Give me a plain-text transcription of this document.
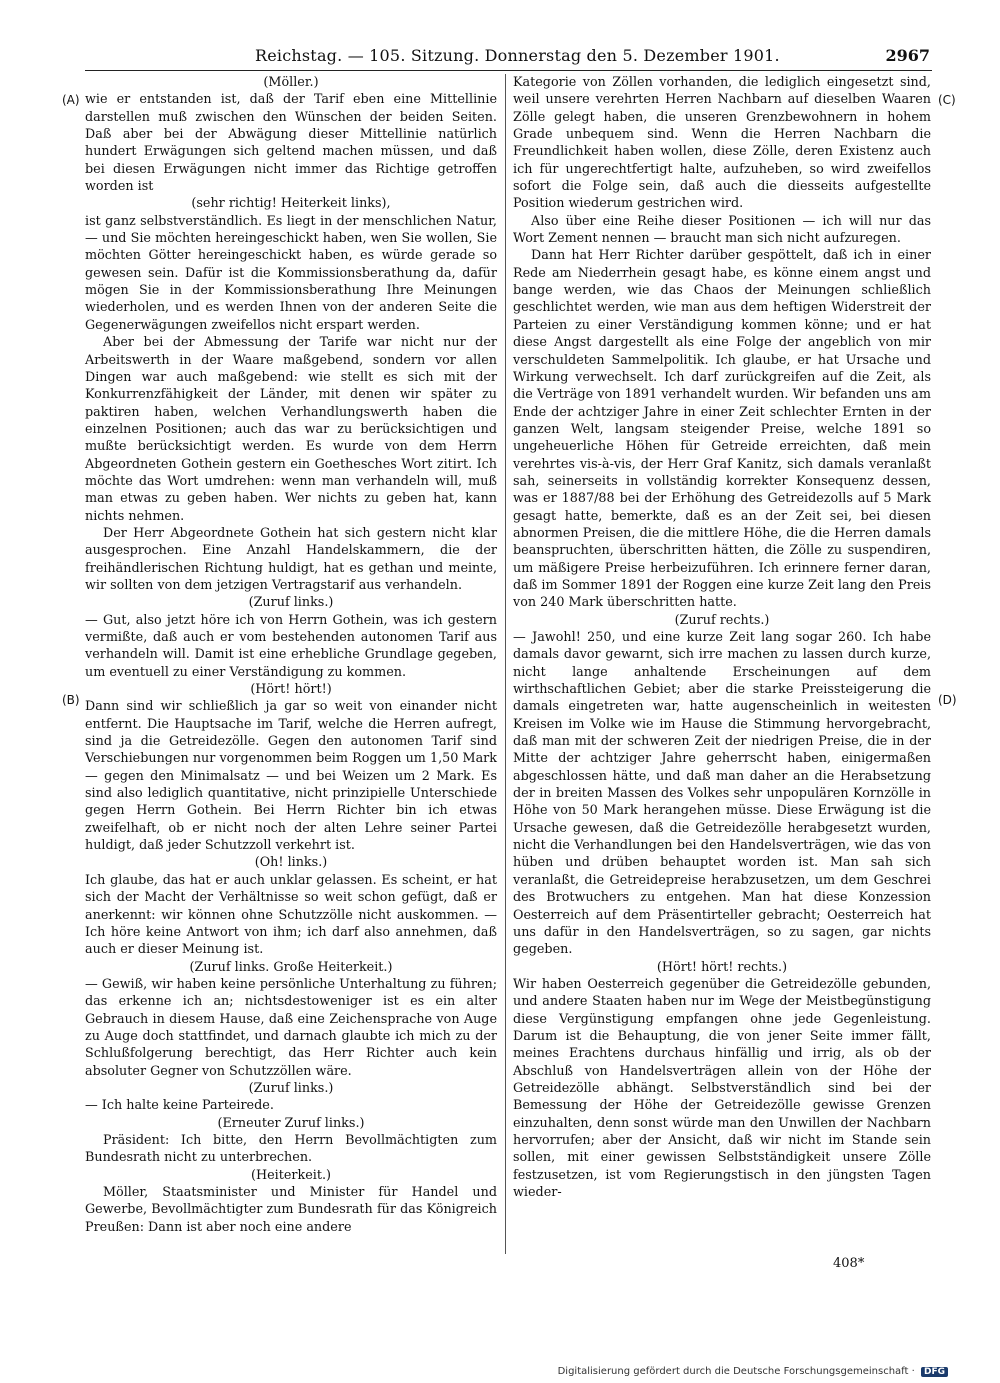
Reichstag. — 105. Sitzung. Donnerstag den 5. Dezember 1901.	2967
(A)
(B)
(C)
(D)

(Möller.)

wie er entstanden ist, daß der Tarif eben eine Mittellinie darstellen muß zwischen den Wünschen der beiden Seiten. Daß aber bei der Abwägung dieser Mittellinie natürlich hundert Erwägungen sich geltend machen müssen, und daß bei diesen Erwägungen nicht immer das Richtige getroffen worden ist

(sehr richtig! Heiterkeit links),

ist ganz selbstverständlich. Es liegt in der menschlichen Natur, — und Sie möchten hereingeschickt haben, wen Sie wollen, Sie möchten Götter hereingeschickt haben, es würde gerade so gewesen sein. Dafür ist die Kommissionsberathung da, dafür mögen Sie in der Kommissionsberathung Ihre Meinungen wiederholen, und es werden Ihnen von der anderen Seite die Gegenerwägungen zweifellos nicht erspart werden.

Aber bei der Abmessung der Tarife war nicht nur der Arbeitswerth in der Waare maßgebend, sondern vor allen Dingen war auch maßgebend: wie stellt es sich mit der Konkurrenzfähigkeit der Länder, mit denen wir später zu paktiren haben, welchen Verhandlungswerth haben die einzelnen Positionen; auch das war zu berücksichtigen und mußte berücksichtigt werden. Es wurde von dem Herrn Abgeordneten Gothein gestern ein Goethesches Wort zitirt. Ich möchte das Wort umdrehen: wenn man verhandeln will, muß man etwas zu geben haben. Wer nichts zu geben hat, kann nichts nehmen.

Der Herr Abgeordnete Gothein hat sich gestern nicht klar ausgesprochen. Eine Anzahl Handelskammern, die der freihändlerischen Richtung huldigt, hat es gethan und meinte, wir sollten von dem jetzigen Vertragstarif aus verhandeln.

(Zuruf links.)

— Gut, also jetzt höre ich von Herrn Gothein, was ich gestern vermißte, daß auch er vom bestehenden autonomen Tarif aus verhandeln will. Damit ist eine erhebliche Grundlage gegeben, um eventuell zu einer Verständigung zu kommen.

(Hört! hört!)

Dann sind wir schließlich ja gar so weit von einander nicht entfernt. Die Hauptsache im Tarif, welche die Herren aufregt, sind ja die Getreidezölle. Gegen den autonomen Tarif sind Verschiebungen nur vorgenommen beim Roggen um 1,50 Mark — gegen den Minimalsatz — und bei Weizen um 2 Mark. Es sind also lediglich quantitative, nicht prinzipielle Unterschiede gegen Herrn Gothein. Bei Herrn Richter bin ich etwas zweifelhaft, ob er nicht noch der alten Lehre seiner Partei huldigt, daß jeder Schutzzoll verkehrt ist.

(Oh! links.)

Ich glaube, das hat er auch unklar gelassen. Es scheint, er hat sich der Macht der Verhältnisse so weit schon gefügt, daß er anerkennt: wir können ohne Schutzzölle nicht auskommen. — Ich höre keine Antwort von ihm; ich darf also annehmen, daß auch er dieser Meinung ist.

(Zuruf links. Große Heiterkeit.)

— Gewiß, wir haben keine persönliche Unterhaltung zu führen; das erkenne ich an; nichtsdestoweniger ist es ein alter Gebrauch in diesem Hause, daß eine Zeichensprache von Auge zu Auge doch stattfindet, und darnach glaubte ich mich zu der Schlußfolgerung berechtigt, das Herr Richter auch kein absoluter Gegner von Schutzzöllen wäre.

(Zuruf links.)

— Ich halte keine Parteirede.

(Erneuter Zuruf links.)

Präsident: Ich bitte, den Herrn Bevollmächtigten zum Bundesrath nicht zu unterbrechen.

(Heiterkeit.)

Möller, Staatsminister und Minister für Handel und Gewerbe, Bevollmächtigter zum Bundesrath für das Königreich Preußen: Dann ist aber noch eine andere

Kategorie von Zöllen vorhanden, die lediglich eingesetzt sind, weil unsere verehrten Herren Nachbarn auf dieselben Waaren Zölle gelegt haben, die unseren Grenzbewohnern in hohem Grade unbequem sind. Wenn die Herren Nachbarn die Freundlichkeit haben wollen, diese Zölle, deren Existenz auch ich für ungerechtfertigt halte, aufzuheben, so wird zweifellos sofort die Folge sein, daß auch die diesseits aufgestellte Position wiederum gestrichen wird.

Also über eine Reihe dieser Positionen — ich will nur das Wort Zement nennen — braucht man sich nicht aufzuregen.

Dann hat Herr Richter darüber gespöttelt, daß ich in einer Rede am Niederrhein gesagt habe, es könne einem angst und bange werden, wie das Chaos der Meinungen schließlich geschlichtet werden, wie man aus dem heftigen Widerstreit der Parteien zu einer Verständigung kommen könne; und er hat diese Angst dargestellt als eine Folge der angeblich von mir verschuldeten Sammelpolitik. Ich glaube, er hat Ursache und Wirkung verwechselt. Ich darf zurückgreifen auf die Zeit, als die Verträge von 1891 verhandelt wurden. Wir befanden uns am Ende der achtziger Jahre in einer Zeit schlechter Ernten in der ganzen Welt, langsam steigender Preise, welche 1891 so ungeheuerliche Höhen für Getreide erreichten, daß mein verehrtes vis-à-vis, der Herr Graf Kanitz, sich damals veranlaßt sah, seinerseits in vollständig korrekter Konsequenz dessen, was er 1887/88 bei der Erhöhung des Getreidezolls auf 5 Mark gesagt hatte, bemerkte, daß es an der Zeit sei, bei diesen abnormen Preisen, die die mittlere Höhe, die die Herren damals beanspruchten, überschritten hätten, die Zölle zu suspendiren, um mäßigere Preise herbeizuführen. Ich erinnere ferner daran, daß im Sommer 1891 der Roggen eine kurze Zeit lang den Preis von 240 Mark überschritten hatte.

(Zuruf rechts.)

— Jawohl! 250, und eine kurze Zeit lang sogar 260. Ich habe damals davor gewarnt, sich irre machen zu lassen durch kurze, nicht lange anhaltende Erscheinungen auf dem wirthschaftlichen Gebiet; aber die starke Preissteigerung die damals eingetreten war, hatte augenscheinlich in weitesten Kreisen im Volke wie im Hause die Stimmung hervorgebracht, daß man mit der schweren Zeit der niedrigen Preise, die in der Mitte der achtziger Jahre geherrscht haben, einigermaßen abgeschlossen hätte, und daß man daher an die Herabsetzung der in breiten Massen des Volkes sehr unpopulären Kornzölle in Höhe von 50 Mark herangehen müsse. Diese Erwägung ist die Ursache gewesen, daß die Getreidezölle herabgesetzt wurden, nicht die Verhandlungen bei den Handelsverträgen, wie das von hüben und drüben behauptet worden ist. Man sah sich veranlaßt, die Getreidepreise herabzusetzen, um dem Geschrei des Brotwuchers zu entgehen. Man hat diese Konzession Oesterreich auf dem Präsentirteller gebracht; Oesterreich hat uns dafür in den Handelsverträgen, so zu sagen, gar nichts gegeben.

(Hört! hört! rechts.)

Wir haben Oesterreich gegenüber die Getreidezölle gebunden, und andere Staaten haben nur im Wege der Meistbegünstigung diese Vergünstigung empfangen ohne jede Gegenleistung. Darum ist die Behauptung, die von jener Seite immer fällt, meines Erachtens durchaus hinfällig und irrig, als ob der Abschluß von Handelsverträgen allein von der Höhe der Getreidezölle abhängt. Selbstverständlich sind bei der Bemessung der Höhe der Getreidezölle gewisse Grenzen einzuhalten, denn sonst würde man den Unwillen der Nachbarn hervorrufen; aber der Ansicht, daß wir nicht im Stande sein sollen, mit einer gewissen Selbstständigkeit unsere Zölle festzusetzen, ist vom Regierungstisch in den jüngsten Tagen wieder-

408*
Digitalisierung gefördert durch die Deutsche Forschungsgemeinschaft · DFG
